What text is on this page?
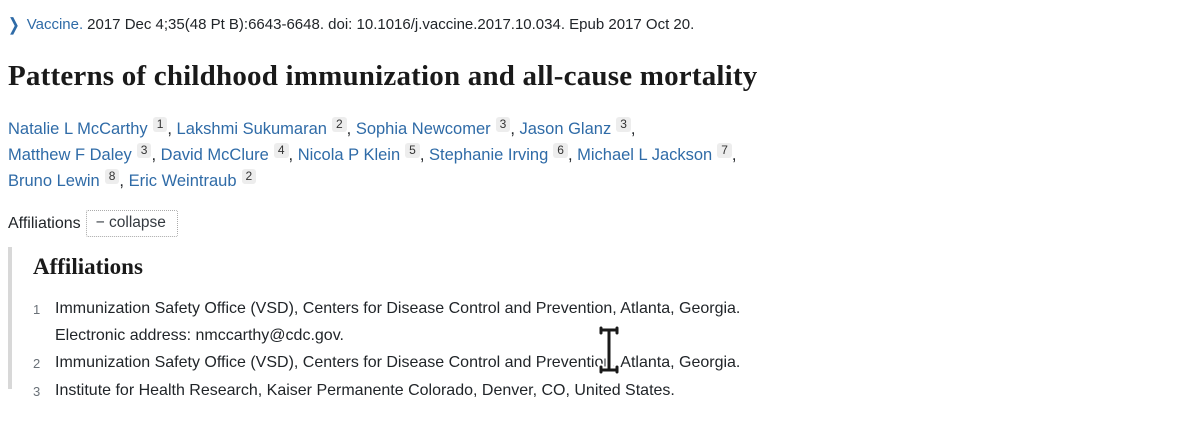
❯ Vaccine. 2017 Dec 4;35(48 Pt B):6643-6648. doi: 10.1016/j.vaccine.2017.10.034. Epub 2017 Oct 20.
Patterns of childhood immunization and all-cause mortality
Natalie L McCarthy 1 , Lakshmi Sukumaran 2 , Sophia Newcomer 3 , Jason Glanz 3 ,
Matthew F Daley 3 , David McClure 4 , Nicola P Klein 5 , Stephanie Irving 6 , Michael L Jackson 7 ,
Bruno Lewin 8 , Eric Weintraub 2
Affiliations − collapse
Affiliations
1 Immunization Safety Office (VSD), Centers for Disease Control and Prevention, Atlanta, Georgia. Electronic address: nmccarthy@cdc.gov.
2 Immunization Safety Office (VSD), Centers for Disease Control and Prevention, Atlanta, Georgia.
3 Institute for Health Research, Kaiser Permanente Colorado, Denver, CO, United States.
